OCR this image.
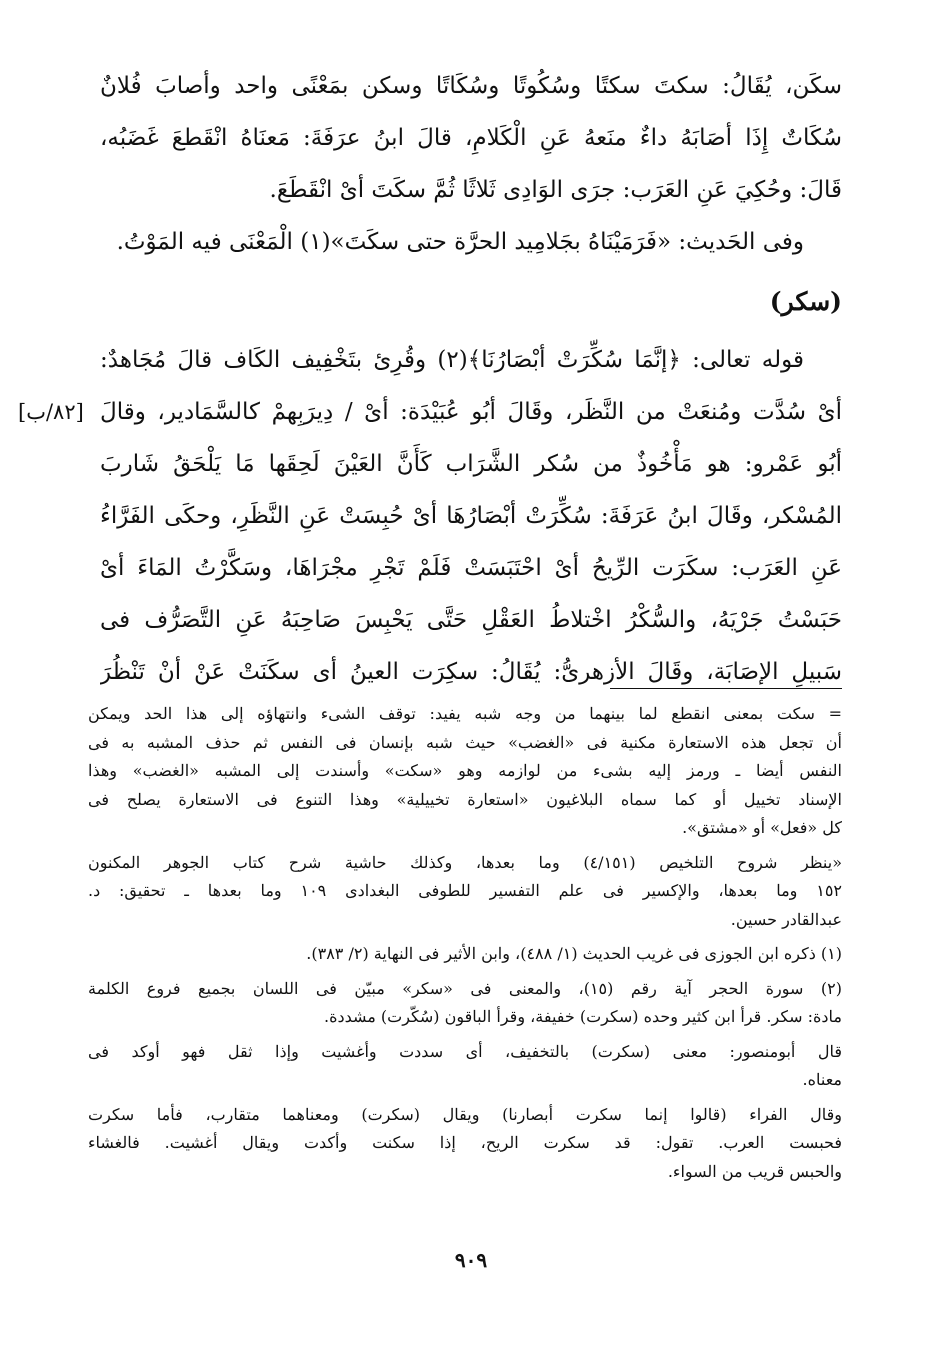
سكَن، يُقَالُ: سكتَ سكتًا وسُكُوتًا وسُكَاتًا وسكن بمَعْنًى واحد وأصابَ فُلانٌ
سُكَاتٌ إِذَا أصَابَهُ داءٌ منَعهُ عَنِ الْكَلامِ، قالَ ابنُ عرَفَةَ: مَعنَاهُ انْقَطعَ غَضَبُه،
قَالَ: وحُكِيَ عَنِ العَرَب: جرَى الوَادِى ثَلاثًا ثُمَّ سكَتَ أىْ انْقَطَعَ.
وفى الحَديث: «فَرَمَيْنَاهُ بجَلامِيد الحرَّة حتى سكَتَ»(١) الْمَعْنَى فيه المَوْتُ.
(سكر)
قوله تعالى: ﴿إنَّمَا سُكِّرَتْ أبْصَارُنَا﴾(٢) وقُرِئ بتَخْفِيف الكَاف قالَ مُجَاهدٌ:
أىْ سُدَّت ومُنعَتْ من النَّظَر، وقَالَ أبُو عُبَيْدَة: أىْ / دِيرَبِهمْ كالسَّمَادير، وقالَ
أبُو عَمْرو: هو مَأْخُوذٌ من سُكر الشَّرَاب كَأَنَّ العَيْنَ لَحِقَها مَا يَلْحَقُ شَاربَ
المُسْكر، وقَالَ ابنُ عَرَفَةَ: سُكِّرَتْ أبْصَارُهَا أىْ حُبِسَتْ عَنِ النَّظَرِ، وحكَى الفَرَّاءُ
عَنِ العَرَب: سكَرَت الرِّيحُ أىْ احْتَبَسَتْ فَلَمْ تَجْرِ مجْرَاهَا، وسَكَّرْتُ المَاءَ أىْ
حَبَسْتُ جَرْيَهُ، والسُّكْرُ اخْتلاطُ العَقْلِ حَتَّى يَحْبِسَ صَاحِبَهُ عَنِ التَّصَرُّف فى
سَبيلِ الإصَابَة، وقَالَ الأزهرىُّ: يُقَالُ: سكِرَت العينُ أى سكَنَتْ عَنْ أنْ تَنْظُرَ
[٨٢/ب]
= سكت بمعنى انقطع لما بينهما من وجه شبه يفيد: توقف الشىء وانتهاؤه إلى هذا الحد ويمكن
أن تجعل هذه الاستعارة مكنية فى «الغضب» حيث شبه بإنسان فى النفس ثم حذف المشبه به فى
النفس أيضا ـ ورمز إليه بشىء من لوازمه وهو «سكت» وأسندت إلى المشبه «الغضب» وهذا
الإسناد تخييل أو كما سماه البلاغيون «استعارة تخييلية» وهذا التنوع فى الاستعارة يصلح فى
كل «فعل» أو «مشتق».
«ينظر شروح التلخيص (٤/١٥١) وما بعدها، وكذلك حاشية شرح كتاب الجوهر المكنون
١٥٢ وما بعدها، والإكسير فى علم التفسير للطوفى البغدادى ١٠٩ وما بعدها ـ تحقيق: د.
عبدالقادر حسين.
(١) ذكره ابن الجوزى فى غريب الحديث (١/ ٤٨٨)، وابن الأثير فى النهاية (٢/ ٣٨٣).
(٢) سورة الحجر آية رقم (١٥)، والمعنى فى «سكر» مبيّن فى اللسان بجميع فروع الكلمة
مادة: سكر. قرأ ابن كثير وحده (سكرت) خفيفة، وقرأ الباقون (سُكّرت) مشددة.
قال أبومنصور: معنى (سكرت) بالتخفيف، أى سددت وأغشيت وإذا ثقل فهو أوكد فى
معناه.
وقال الفراء (قالوا إنما سكرت أبصارنا) ويقال (سكرت) ومعناهما متقارب، فأما سكرت
فحبست العرب. تقول: قد سكرت الريح، إذا سكنت وأكدت ويقال أغشيت. فالغشاء
والحبس قريب من السواء.
٩٠٩
